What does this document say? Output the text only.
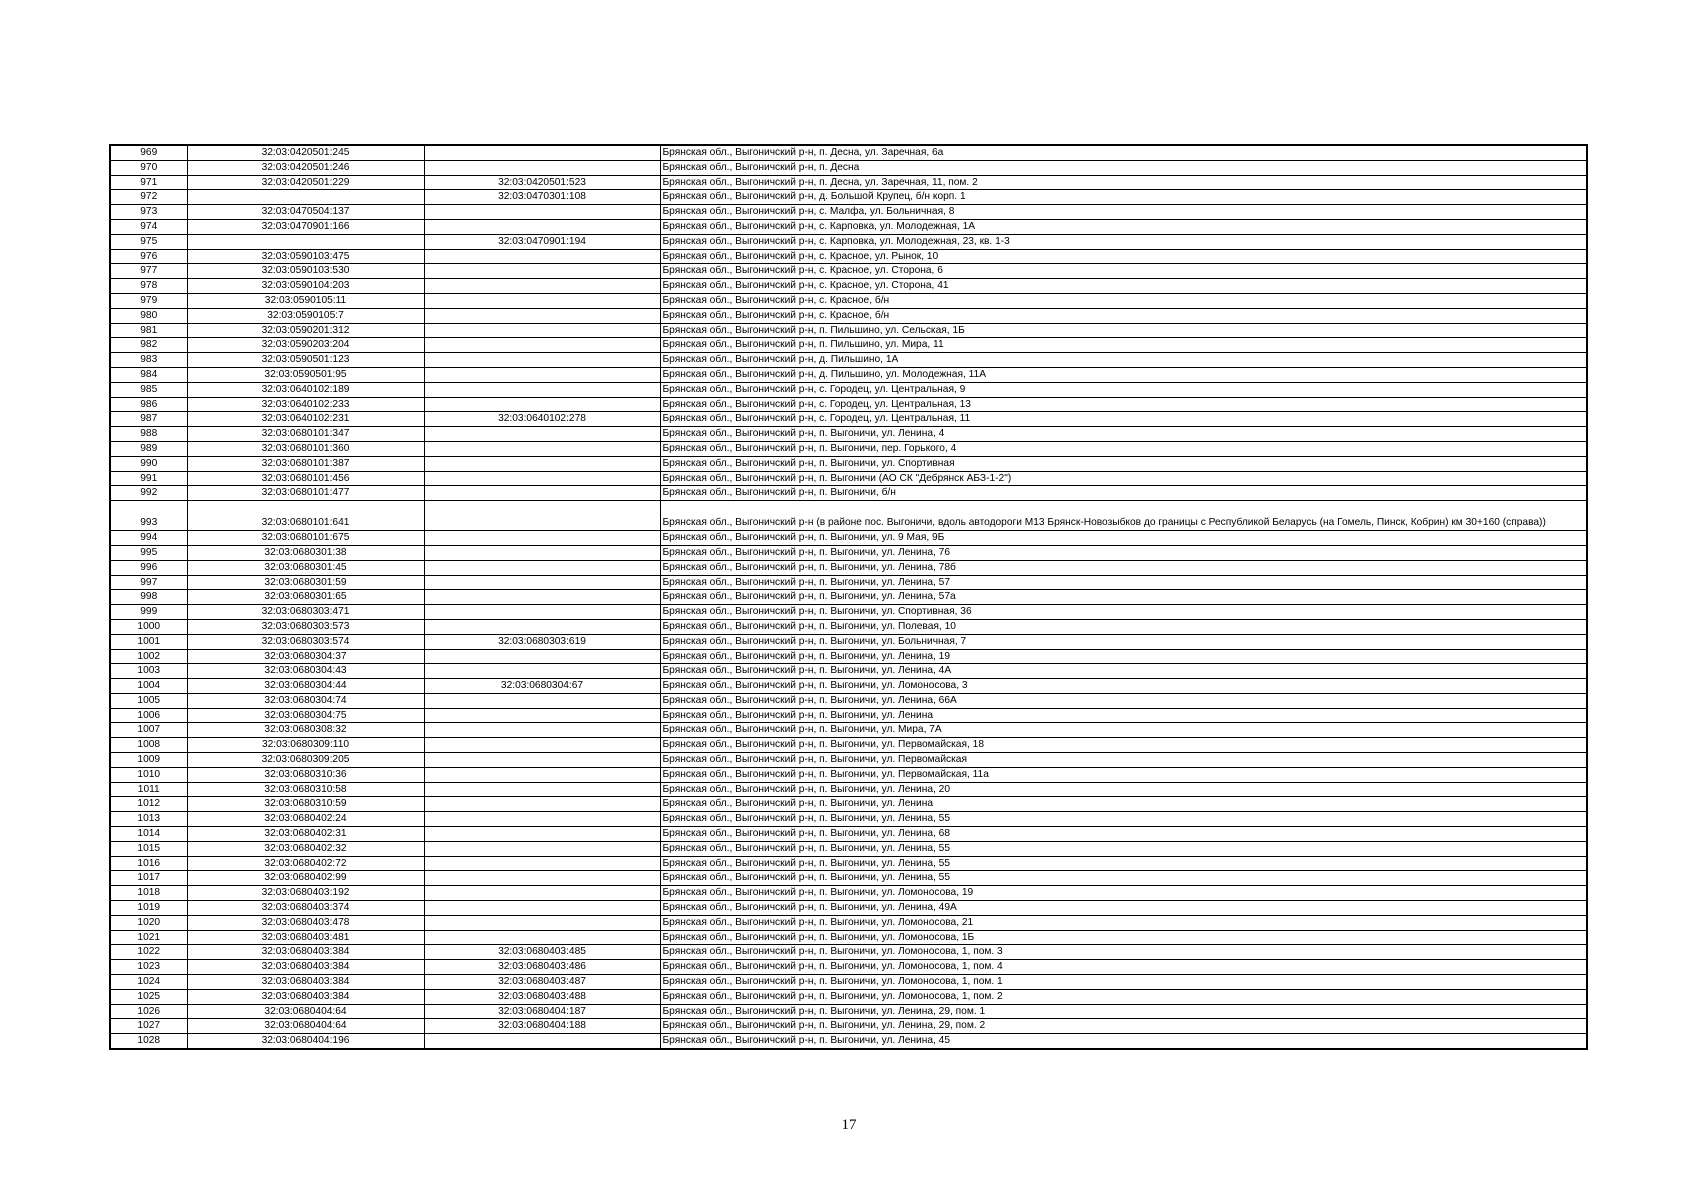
969	32:03:0420501:245		Брянская обл., Выгоничский р-н, п. Десна, ул. Заречная, 6а
970	32:03:0420501:246		Брянская обл., Выгоничский р-н, п. Десна
971	32:03:0420501:229	32:03:0420501:523	Брянская обл., Выгоничский р-н, п. Десна, ул. Заречная, 11, пом. 2
972		32:03:0470301:108	Брянская обл., Выгоничский р-н, д. Большой Крупец, б/н корп. 1
973	32:03:0470504:137		Брянская обл., Выгоничский р-н, с. Малфа, ул. Больничная, 8
974	32:03:0470901:166		Брянская обл., Выгоничский р-н, с. Карповка, ул. Молодежная, 1А
975		32:03:0470901:194	Брянская обл., Выгоничский р-н, с. Карповка, ул. Молодежная, 23, кв. 1-3
976	32:03:0590103:475		Брянская обл., Выгоничский р-н, с. Красное, ул. Рынок, 10
977	32:03:0590103:530		Брянская обл., Выгоничский р-н, с. Красное, ул. Сторона, 6
978	32:03:0590104:203		Брянская обл., Выгоничский р-н, с. Красное, ул. Сторона, 41
979	32:03:0590105:11		Брянская обл., Выгоничский р-н, с. Красное, б/н
980	32:03:0590105:7		Брянская обл., Выгоничский р-н, с. Красное, б/н
981	32:03:0590201:312		Брянская обл., Выгоничский р-н, п. Пильшино, ул. Сельская, 1Б
982	32:03:0590203:204		Брянская обл., Выгоничский р-н, п. Пильшино, ул. Мира, 11
983	32:03:0590501:123		Брянская обл., Выгоничский р-н, д. Пильшино, 1А
984	32:03:0590501:95		Брянская обл., Выгоничский р-н, д. Пильшино, ул. Молодежная, 11А
985	32:03:0640102:189		Брянская обл., Выгоничский р-н, с. Городец, ул. Центральная, 9
986	32:03:0640102:233		Брянская обл., Выгоничский р-н, с. Городец, ул. Центральная, 13
987	32:03:0640102:231	32:03:0640102:278	Брянская обл., Выгоничский р-н, с. Городец, ул. Центральная, 11
988	32:03:0680101:347		Брянская обл., Выгоничский р-н, п. Выгоничи, ул. Ленина, 4
989	32:03:0680101:360		Брянская обл., Выгоничский р-н, п. Выгоничи, пер. Горького, 4
990	32:03:0680101:387		Брянская обл., Выгоничский р-н, п. Выгоничи, ул. Спортивная
991	32:03:0680101:456		Брянская обл., Выгоничский р-н, п. Выгоничи (АО СК "Дебрянск АБЗ-1-2")
992	32:03:0680101:477		Брянская обл., Выгоничский р-н, п. Выгоничи, б/н
993	32:03:0680101:641		Брянская обл., Выгоничский р-н (в районе пос. Выгоничи, вдоль автодороги М13 Брянск-Новозыбков до границы с Республикой Беларусь (на Гомель, Пинск, Кобрин) км 30+160 (справа))
994	32:03:0680101:675		Брянская обл., Выгоничский р-н, п. Выгоничи, ул. 9 Мая, 9Б
995	32:03:0680301:38		Брянская обл., Выгоничский р-н, п. Выгоничи, ул. Ленина, 76
996	32:03:0680301:45		Брянская обл., Выгоничский р-н, п. Выгоничи, ул. Ленина, 78б
997	32:03:0680301:59		Брянская обл., Выгоничский р-н, п. Выгоничи, ул. Ленина, 57
998	32:03:0680301:65		Брянская обл., Выгоничский р-н, п. Выгоничи, ул. Ленина, 57а
999	32:03:0680303:471		Брянская обл., Выгоничский р-н, п. Выгоничи, ул. Спортивная, 36
1000	32:03:0680303:573		Брянская обл., Выгоничский р-н, п. Выгоничи, ул. Полевая, 10
1001	32:03:0680303:574	32:03:0680303:619	Брянская обл., Выгоничский р-н, п. Выгоничи, ул. Больничная, 7
1002	32:03:0680304:37		Брянская обл., Выгоничский р-н, п. Выгоничи, ул. Ленина, 19
1003	32:03:0680304:43		Брянская обл., Выгоничский р-н, п. Выгоничи, ул. Ленина, 4А
1004	32:03:0680304:44	32:03:0680304:67	Брянская обл., Выгоничский р-н, п. Выгоничи, ул. Ломоносова, 3
1005	32:03:0680304:74		Брянская обл., Выгоничский р-н, п. Выгоничи, ул. Ленина, 66А
1006	32:03:0680304:75		Брянская обл., Выгоничский р-н, п. Выгоничи, ул. Ленина
1007	32:03:0680308:32		Брянская обл., Выгоничский р-н, п. Выгоничи, ул. Мира, 7А
1008	32:03:0680309:110		Брянская обл., Выгоничский р-н, п. Выгоничи, ул. Первомайская, 18
1009	32:03:0680309:205		Брянская обл., Выгоничский р-н, п. Выгоничи, ул. Первомайская
1010	32:03:0680310:36		Брянская обл., Выгоничский р-н, п. Выгоничи, ул. Первомайская, 11а
1011	32:03:0680310:58		Брянская обл., Выгоничский р-н, п. Выгоничи, ул. Ленина, 20
1012	32:03:0680310:59		Брянская обл., Выгоничский р-н, п. Выгоничи, ул. Ленина
1013	32:03:0680402:24		Брянская обл., Выгоничский р-н, п. Выгоничи, ул. Ленина, 55
1014	32:03:0680402:31		Брянская обл., Выгоничский р-н, п. Выгоничи, ул. Ленина, 68
1015	32:03:0680402:32		Брянская обл., Выгоничский р-н, п. Выгоничи, ул. Ленина, 55
1016	32:03:0680402:72		Брянская обл., Выгоничский р-н, п. Выгоничи, ул. Ленина, 55
1017	32:03:0680402:99		Брянская обл., Выгоничский р-н, п. Выгоничи, ул. Ленина, 55
1018	32:03:0680403:192		Брянская обл., Выгоничский р-н, п. Выгоничи, ул. Ломоносова, 19
1019	32:03:0680403:374		Брянская обл., Выгоничский р-н, п. Выгоничи, ул. Ленина, 49А
1020	32:03:0680403:478		Брянская обл., Выгоничский р-н, п. Выгоничи, ул. Ломоносова, 21
1021	32:03:0680403:481		Брянская обл., Выгоничский р-н, п. Выгоничи, ул. Ломоносова, 1Б
1022	32:03:0680403:384	32:03:0680403:485	Брянская обл., Выгоничский р-н, п. Выгоничи, ул. Ломоносова, 1, пом. 3
1023	32:03:0680403:384	32:03:0680403:486	Брянская обл., Выгоничский р-н, п. Выгоничи, ул. Ломоносова, 1, пом. 4
1024	32:03:0680403:384	32:03:0680403:487	Брянская обл., Выгоничский р-н, п. Выгоничи, ул. Ломоносова, 1, пом. 1
1025	32:03:0680403:384	32:03:0680403:488	Брянская обл., Выгоничский р-н, п. Выгоничи, ул. Ломоносова, 1, пом. 2
1026	32:03:0680404:64	32:03:0680404:187	Брянская обл., Выгоничский р-н, п. Выгоничи, ул. Ленина, 29, пом. 1
1027	32:03:0680404:64	32:03:0680404:188	Брянская обл., Выгоничский р-н, п. Выгоничи, ул. Ленина, 29, пом. 2
1028	32:03:0680404:196		Брянская обл., Выгоничский р-н, п. Выгоничи, ул. Ленина, 45
17
